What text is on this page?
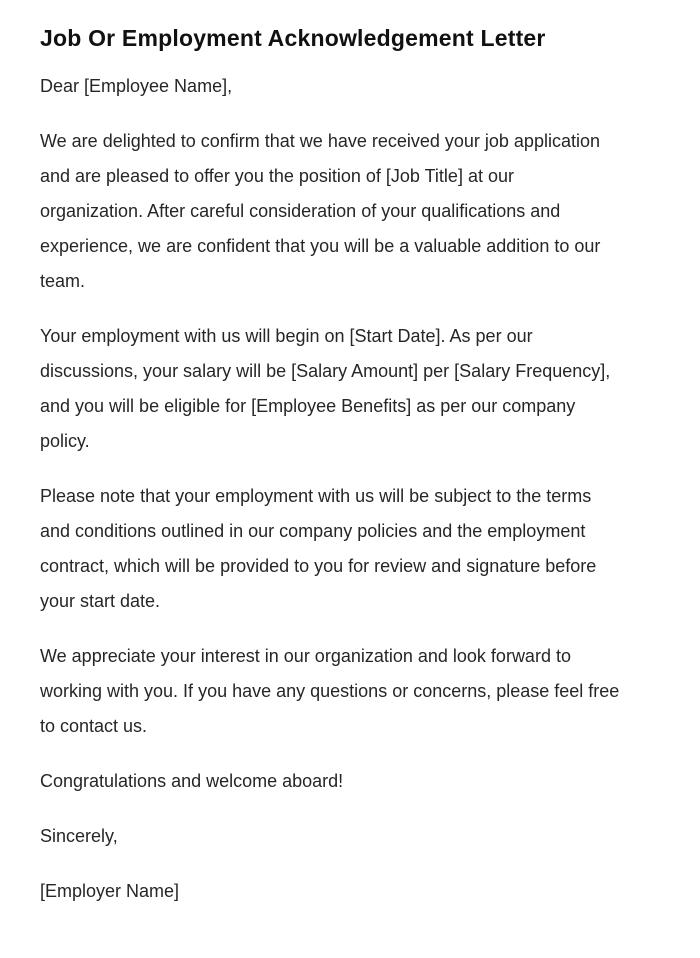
Job Or Employment Acknowledgement Letter

Dear [Employee Name],

We are delighted to confirm that we have received your job application and are pleased to offer you the position of [Job Title] at our organization. After careful consideration of your qualifications and experience, we are confident that you will be a valuable addition to our team.

Your employment with us will begin on [Start Date]. As per our discussions, your salary will be [Salary Amount] per [Salary Frequency], and you will be eligible for [Employee Benefits] as per our company policy.

Please note that your employment with us will be subject to the terms and conditions outlined in our company policies and the employment contract, which will be provided to you for review and signature before your start date.

We appreciate your interest in our organization and look forward to working with you. If you have any questions or concerns, please feel free to contact us.

Congratulations and welcome aboard!

Sincerely,

[Employer Name]
